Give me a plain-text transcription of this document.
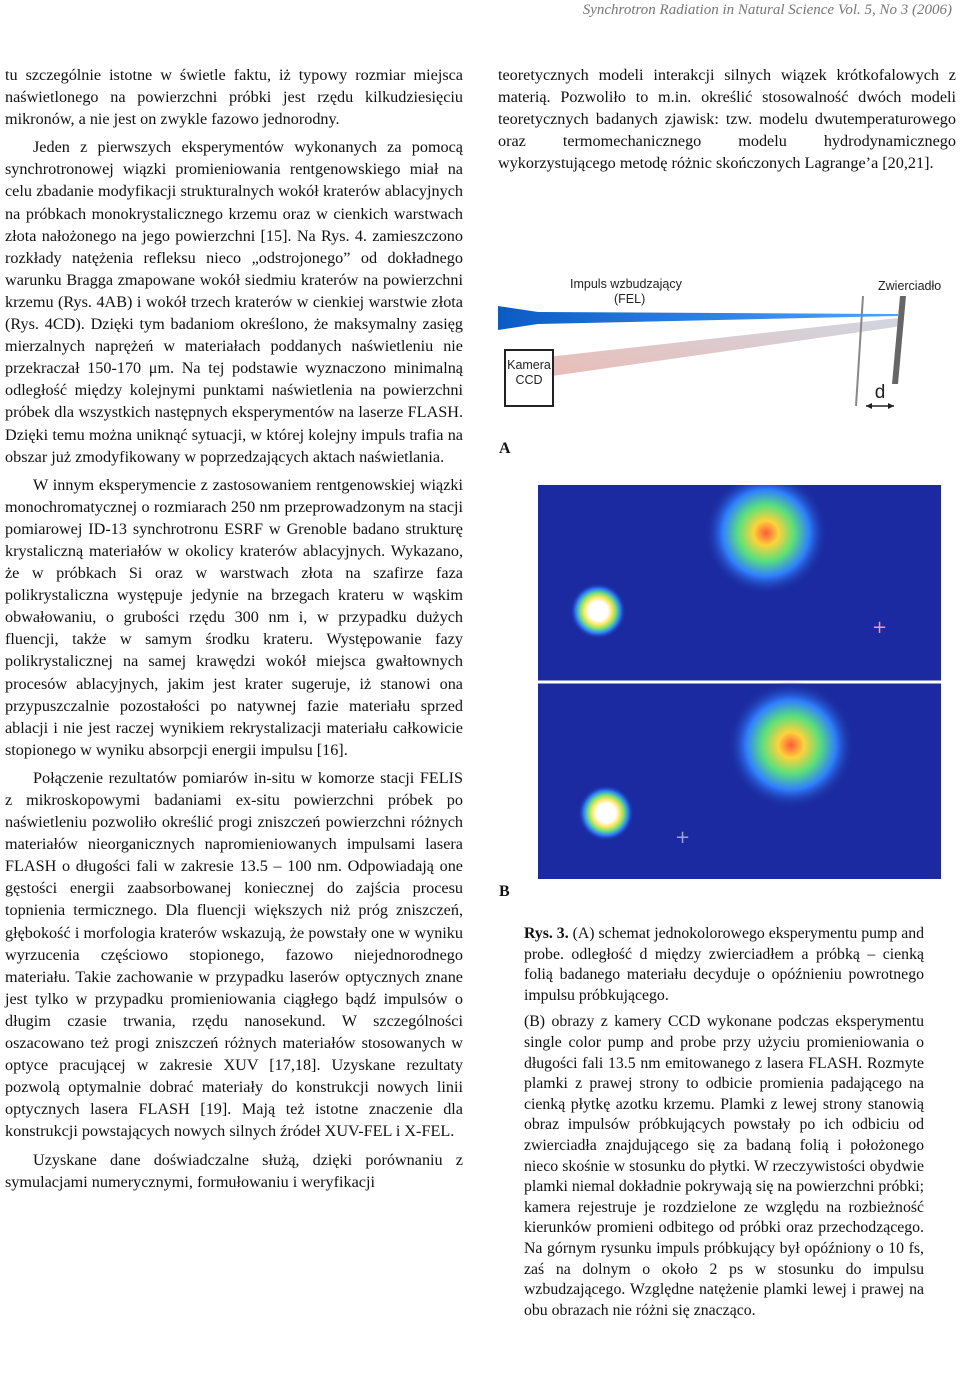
Synchrotron Radiation in Natural Science Vol. 5, No 3 (2006)

tu szczególnie istotne w świetle faktu, iż typowy rozmiar miejsca naświetlonego na powierzchni próbki jest rzędu kilkudziesięciu mikronów, a nie jest on zwykle fazowo jednorodny.

Jeden z pierwszych eksperymentów wykonanych za pomocą synchrotronowej wiązki promieniowania rentgenowskiego miał na celu zbadanie modyfikacji strukturalnych wokół kraterów ablacyjnych na próbkach monokrystalicznego krzemu oraz w cienkich warstwach złota nałożonego na jego powierzchni [15]. Na Rys. 4. zamieszczono rozkłady natężenia refleksu nieco „odstrojonego” od dokładnego warunku Bragga zmapowane wokół siedmiu kraterów na powierzchni krzemu (Rys. 4AB) i wokół trzech kraterów w cienkiej warstwie złota (Rys. 4CD). Dzięki tym badaniom określono, że maksymalny zasięg mierzalnych naprężeń w materiałach poddanych naświetleniu nie przekraczał 150-170 μm. Na tej podstawie wyznaczono minimalną odległość między kolejnymi punktami naświetlenia na powierzchni próbek dla wszystkich następnych eksperymentów na laserze FLASH. Dzięki temu można uniknąć sytuacji, w której kolejny impuls trafia na obszar już zmodyfikowany w poprzedzających aktach naświetlania.

W innym eksperymencie z zastosowaniem rentgenowskiej wiązki monochromatycznej o rozmiarach 250 nm przeprowadzonym na stacji pomiarowej ID-13 synchrotronu ESRF w Grenoble badano strukturę krystaliczną materiałów w okolicy kraterów ablacyjnych. Wykazano, że w próbkach Si oraz w warstwach złota na szafirze faza polikrystaliczna występuje jedynie na brzegach krateru w wąskim obwałowaniu, o grubości rzędu 300 nm i, w przypadku dużych fluencji, także w samym środku krateru. Występowanie fazy polikrystalicznej na samej krawędzi wokół miejsca gwałtownych procesów ablacyjnych, jakim jest krater sugeruje, iż stanowi ona przypuszczalnie pozostałości po natywnej fazie materiału sprzed ablacji i nie jest raczej wynikiem rekrystalizacji materiału całkowicie stopionego w wyniku absorpcji energii impulsu [16].

Połączenie rezultatów pomiarów in-situ w komorze stacji FELIS z mikroskopowymi badaniami ex-situ powierzchni próbek po naświetleniu pozwoliło określić progi zniszczeń powierzchni różnych materiałów nieorganicznych napromieniowanych impulsami lasera FLASH o długości fali w zakresie 13.5 – 100 nm. Odpowiadają one gęstości energii zaabsorbowanej koniecznej do zajścia procesu topnienia termicznego. Dla fluencji większych niż próg zniszczeń, głębokość i morfologia kraterów wskazują, że powstały one w wyniku wyrzucenia częściowo stopionego, fazowo niejednorodnego materiału. Takie zachowanie w przypadku laserów optycznych znane jest tylko w przypadku promieniowania ciągłego bądź impulsów o długim czasie trwania, rzędu nanosekund. W szczególności oszacowano też progi zniszczeń różnych materiałów stosowanych w optyce pracującej w zakresie XUV [17,18]. Uzyskane rezultaty pozwolą optymalnie dobrać materiały do konstrukcji nowych linii optycznych lasera FLASH [19]. Mają też istotne znaczenie dla konstrukcji powstających nowych silnych źródeł XUV-FEL i X-FEL.

Uzyskane dane doświadczalne służą, dzięki porównaniu z symulacjami numerycznymi, formułowaniu i weryfikacji

teoretycznych modeli interakcji silnych wiązek krótkofalowych z materią. Pozwoliło to m.in. określić stosowalność dwóch modeli teoretycznych badanych zjawisk: tzw. modelu dwutemperaturowego oraz termomechanicznego modelu hydrodynamicznego wykorzystującego metodę różnic skończonych Lagrange’a [20,21].

d
Kamera
CCD
Impuls wzbudzający
(FEL)
Zwierciadło
Impuls próbkujący
(FEL)
A
+
+
B

Rys. 3. (A) schemat jednokolorowego eksperymentu pump and probe. odległość d między zwierciadłem a próbką – cienką folią badanego materiału decyduje o opóźnieniu powrotnego impulsu próbkującego.

(B) obrazy z kamery CCD wykonane podczas eksperymentu single color pump and probe przy użyciu promieniowania o długości fali 13.5 nm emitowanego z lasera FLASH. Rozmyte plamki z prawej strony to odbicie promienia padającego na cienką płytkę azotku krzemu. Plamki z lewej strony stanowią obraz impulsów próbkujących powstały po ich odbiciu od zwierciadła znajdującego się za badaną folią i położonego nieco skośnie w stosunku do płytki. W rzeczywistości obydwie plamki niemal dokładnie pokrywają się na powierzchni próbki; kamera rejestruje je rozdzielone ze względu na rozbieżność kierunków promieni odbitego od próbki oraz przechodzącego. Na górnym rysunku impuls próbkujący był opóźniony o 10 fs, zaś na dolnym o około 2 ps w stosunku do impulsu wzbudzającego. Względne natężenie plamki lewej i prawej na obu obrazach nie różni się znacząco.
